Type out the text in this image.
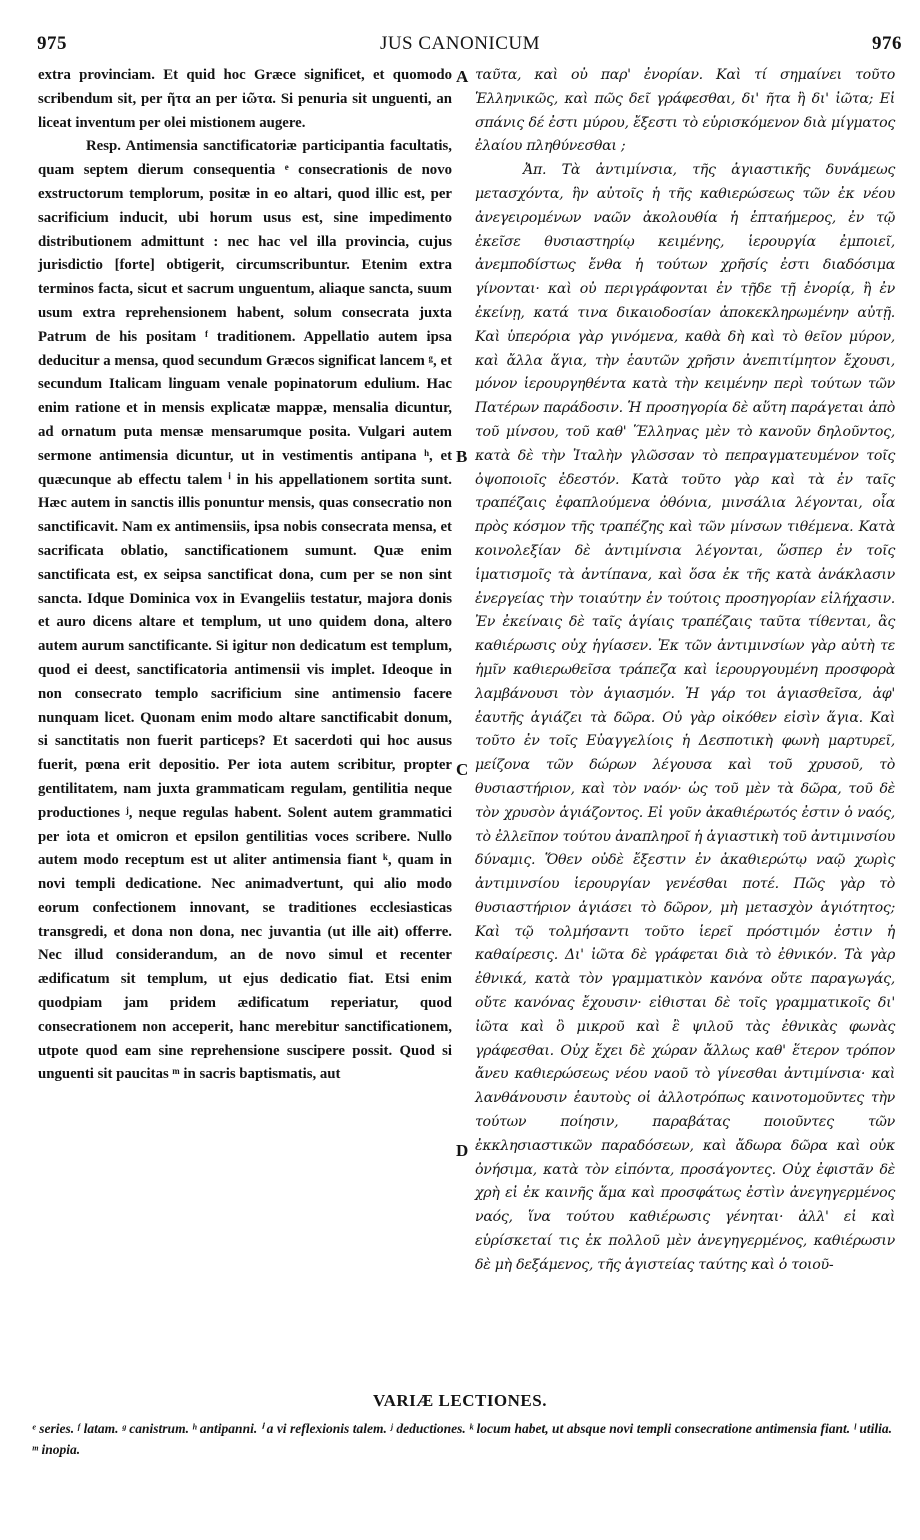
975	JUS CANONICUM	976

extra provinciam. Et quid hoc Græce significet, et quomodo scribendum sit, per ῆτα an per ἰῶτα. Si penuria sit unguenti, an liceat inventum per olei mistionem augere.

Resp. Antimensia sanctificatoriæ participantia facultatis, quam septem dierum consequentia ᵉ consecrationis de novo exstructorum templorum, positæ in eo altari, quod illic est, per sacrificium inducit, ubi horum usus est, sine impedimento distributionem admittunt : nec hac vel illa provincia, cujus jurisdictio [forte] obtigerit, circumscribuntur. Etenim extra terminos facta, sicut et sacrum unguentum, aliaque sancta, suum usum extra reprehensionem habent, solum consecrata juxta Patrum de his positam ᶠ traditionem. Appellatio autem ipsa deducitur a mensa, quod secundum Græcos significat lancem ᵍ, et secundum Italicam linguam venale popinatorum edulium. Hac enim ratione et in mensis explicatæ mappæ, mensalia dicuntur, ad ornatum puta mensæ mensarumque posita. Vulgari autem sermone antimensia dicuntur, ut in vestimentis antipana ʰ, et quæcunque ab effectu talem ⁱ in his appellationem sortita sunt. Hæc autem in sanctis illis ponuntur mensis, quas consecratio non sanctificavit. Nam ex antimensiis, ipsa nobis consecrata mensa, et sacrificata oblatio, sanctificationem sumunt. Quæ enim sanctificata est, ex seipsa sanctificat dona, cum per se non sint sancta. Idque Dominica vox in Evangeliis testatur, majora donis et auro dicens altare et templum, ut uno quidem dona, altero autem aurum sanctificante. Si igitur non dedicatum est templum, quod ei deest, sanctificatoria antimensii vis implet. Ideoque in non consecrato templo sacrificium sine antimensio facere nunquam licet. Quonam enim modo altare sanctificabit donum, si sanctitatis non fuerit particeps? Et sacerdoti qui hoc ausus fuerit, pœna erit depositio. Per iota autem scribitur, propter gentilitatem, nam juxta grammaticam regulam, gentilitia neque productiones ʲ, neque regulas habent. Solent autem grammatici per iota et omicron et epsilon gentilitias voces scribere. Nullo autem modo receptum est ut aliter antimensia fiant ᵏ, quam in novi templi dedicatione. Nec animadvertunt, qui alio modo eorum confectionem innovant, se traditiones ecclesiasticas transgredi, et dona non dona, nec juvantia (ut ille ait) offerre. Nec illud considerandum, an de novo simul et recenter ædificatum sit templum, ut ejus dedicatio fiat. Etsi enim quodpiam jam pridem ædificatum reperiatur, quod consecrationem non acceperit, hanc merebitur sanctificationem, utpote quod eam sine reprehensione suscipere possit. Quod si unguenti sit paucitas ᵐ in sacris baptismatis, aut

A
B
C
D

ταῦτα, καὶ οὐ παρ' ἐνορίαν. Καὶ τί σημαίνει τοῦτο Ἑλληνικῶς, καὶ πῶς δεῖ γράφεσθαι, δι' ῆτα ἢ δι' ἰῶτα; Εἰ σπάνις δέ ἐστι μύρου, ἔξεστι τὸ εὑρισκόμενον διὰ μίγματος ἐλαίου πληθύνεσθαι ;

Ἀπ. Τὰ ἀντιμίνσια, τῆς ἁγιαστικῆς δυνάμεως μετασχόντα, ἣν αὐτοῖς ἡ τῆς καθιερώσεως τῶν ἐκ νέου ἀνεγειρομένων ναῶν ἀκολουθία ἡ ἑπταήμερος, ἐν τῷ ἐκεῖσε θυσιαστηρίῳ κειμένης, ἱερουργία ἐμποιεῖ, ἀνεμποδίστως ἔνθα ἡ τούτων χρῆσίς ἐστι διαδόσιμα γίνονται· καὶ οὐ περιγράφονται ἐν τῇδε τῇ ἐνορίᾳ, ἢ ἐν ἐκείνῃ, κατά τινα δικαιοδοσίαν ἀποκεκληρωμένην αὐτῇ. Καὶ ὑπερόρια γὰρ γινόμενα, καθὰ δὴ καὶ τὸ θεῖον μύρον, καὶ ἄλλα ἅγια, τὴν ἑαυτῶν χρῆσιν ἀνεπιτίμητον ἔχουσι, μόνον ἱερουργηθέντα κατὰ τὴν κειμένην περὶ τούτων τῶν Πατέρων παράδοσιν. Ἡ προσηγορία δὲ αὕτη παράγεται ἀπὸ τοῦ μίνσου, τοῦ καθ' Ἕλληνας μὲν τὸ κανοῦν δηλοῦντος, κατὰ δὲ τὴν Ἰταλὴν γλῶσσαν τὸ πεπραγματευμένον τοῖς ὀψοποιοῖς ἐδεστόν. Κατὰ τοῦτο γὰρ καὶ τὰ ἐν ταῖς τραπέζαις ἐφαπλούμενα ὀθόνια, μινσάλια λέγονται, οἷα πρὸς κόσμον τῆς τραπέζης καὶ τῶν μίνσων τιθέμενα. Κατὰ κοινολεξίαν δὲ ἀντιμίνσια λέγονται, ὥσπερ ἐν τοῖς ἱματισμοῖς τὰ ἀντίπανα, καὶ ὅσα ἐκ τῆς κατὰ ἀνάκλασιν ἐνεργείας τὴν τοιαύτην ἐν τούτοις προσηγορίαν εἰλήχασιν. Ἐν ἐκείναις δὲ ταῖς ἁγίαις τραπέζαις ταῦτα τίθενται, ἃς καθιέρωσις οὐχ ἡγίασεν. Ἐκ τῶν ἀντιμινσίων γὰρ αὐτὴ τε ἡμῖν καθιερωθεῖσα τράπεζα καὶ ἱερουργουμένη προσφορὰ λαμβάνουσι τὸν ἁγιασμόν. Ἡ γάρ τοι ἁγιασθεῖσα, ἀφ' ἑαυτῆς ἁγιάζει τὰ δῶρα. Οὐ γὰρ οἰκόθεν εἰσὶν ἅγια. Καὶ τοῦτο ἐν τοῖς Εὐαγγελίοις ἡ Δεσποτικὴ φωνὴ μαρτυρεῖ, μείζονα τῶν δώρων λέγουσα καὶ τοῦ χρυσοῦ, τὸ θυσιαστήριον, καὶ τὸν ναόν· ὡς τοῦ μὲν τὰ δῶρα, τοῦ δὲ τὸν χρυσὸν ἁγιάζοντος. Εἰ γοῦν ἀκαθιέρωτός ἐστιν ὁ ναός, τὸ ἐλλεῖπον τούτου ἀναπληροῖ ἡ ἁγιαστικὴ τοῦ ἀντιμινσίου δύναμις. Ὅθεν οὐδὲ ἔξεστιν ἐν ἀκαθιερώτῳ ναῷ χωρὶς ἀντιμινσίου ἱερουργίαν γενέσθαι ποτέ. Πῶς γὰρ τὸ θυσιαστήριον ἁγιάσει τὸ δῶρον, μὴ μετασχὸν ἁγιότητος; Καὶ τῷ τολμήσαντι τοῦτο ἱερεῖ πρόστιμόν ἐστιν ἡ καθαίρεσις. Δι' ἰῶτα δὲ γράφεται διὰ τὸ ἐθνικόν. Τὰ γὰρ ἐθνικά, κατὰ τὸν γραμματικὸν κανόνα οὔτε παραγωγάς, οὔτε κανόνας ἔχουσιν· εἰθισται δὲ τοῖς γραμματικοῖς δι' ἰῶτα καὶ ὂ μικροῦ καὶ ἒ ψιλοῦ τὰς ἐθνικὰς φωνὰς γράφεσθαι. Οὐχ ἔχει δὲ χώραν ἄλλως καθ' ἕτερον τρόπον ἄνευ καθιερώσεως νέου ναοῦ τὸ γίνεσθαι ἀντιμίνσια· καὶ λανθάνουσιν ἑαυτοὺς οἱ ἀλλοτρόπως καινοτομοῦντες τὴν τούτων ποίησιν, παραβάτας ποιοῦντες τῶν ἐκκλησιαστικῶν παραδόσεων, καὶ ἄδωρα δῶρα καὶ οὐκ ὀνήσιμα, κατὰ τὸν εἰπόντα, προσάγοντες. Οὐχ ἐφιστᾶν δὲ χρὴ εἰ ἐκ καινῆς ἅμα καὶ προσφάτως ἐστὶν ἀνεγηγερμένος ναός, ἵνα τούτου καθιέρωσις γένηται· ἀλλ' εἰ καὶ εὑρίσκεταί τις ἐκ πολλοῦ μὲν ἀνεγηγερμένος, καθιέρωσιν δὲ μὴ δεξάμενος, τῆς ἁγιστείας ταύτης καὶ ὁ τοιοῦ-

VARIÆ LECTIONES.
ᵉ series. ᶠ latam. ᵍ canistrum. ʰ antipanni. ⁱ a vi reflexionis talem. ʲ deductiones. ᵏ locum habet, ut absque novi templi consecratione antimensia fiant. ˡ utilia. ᵐ inopia.
